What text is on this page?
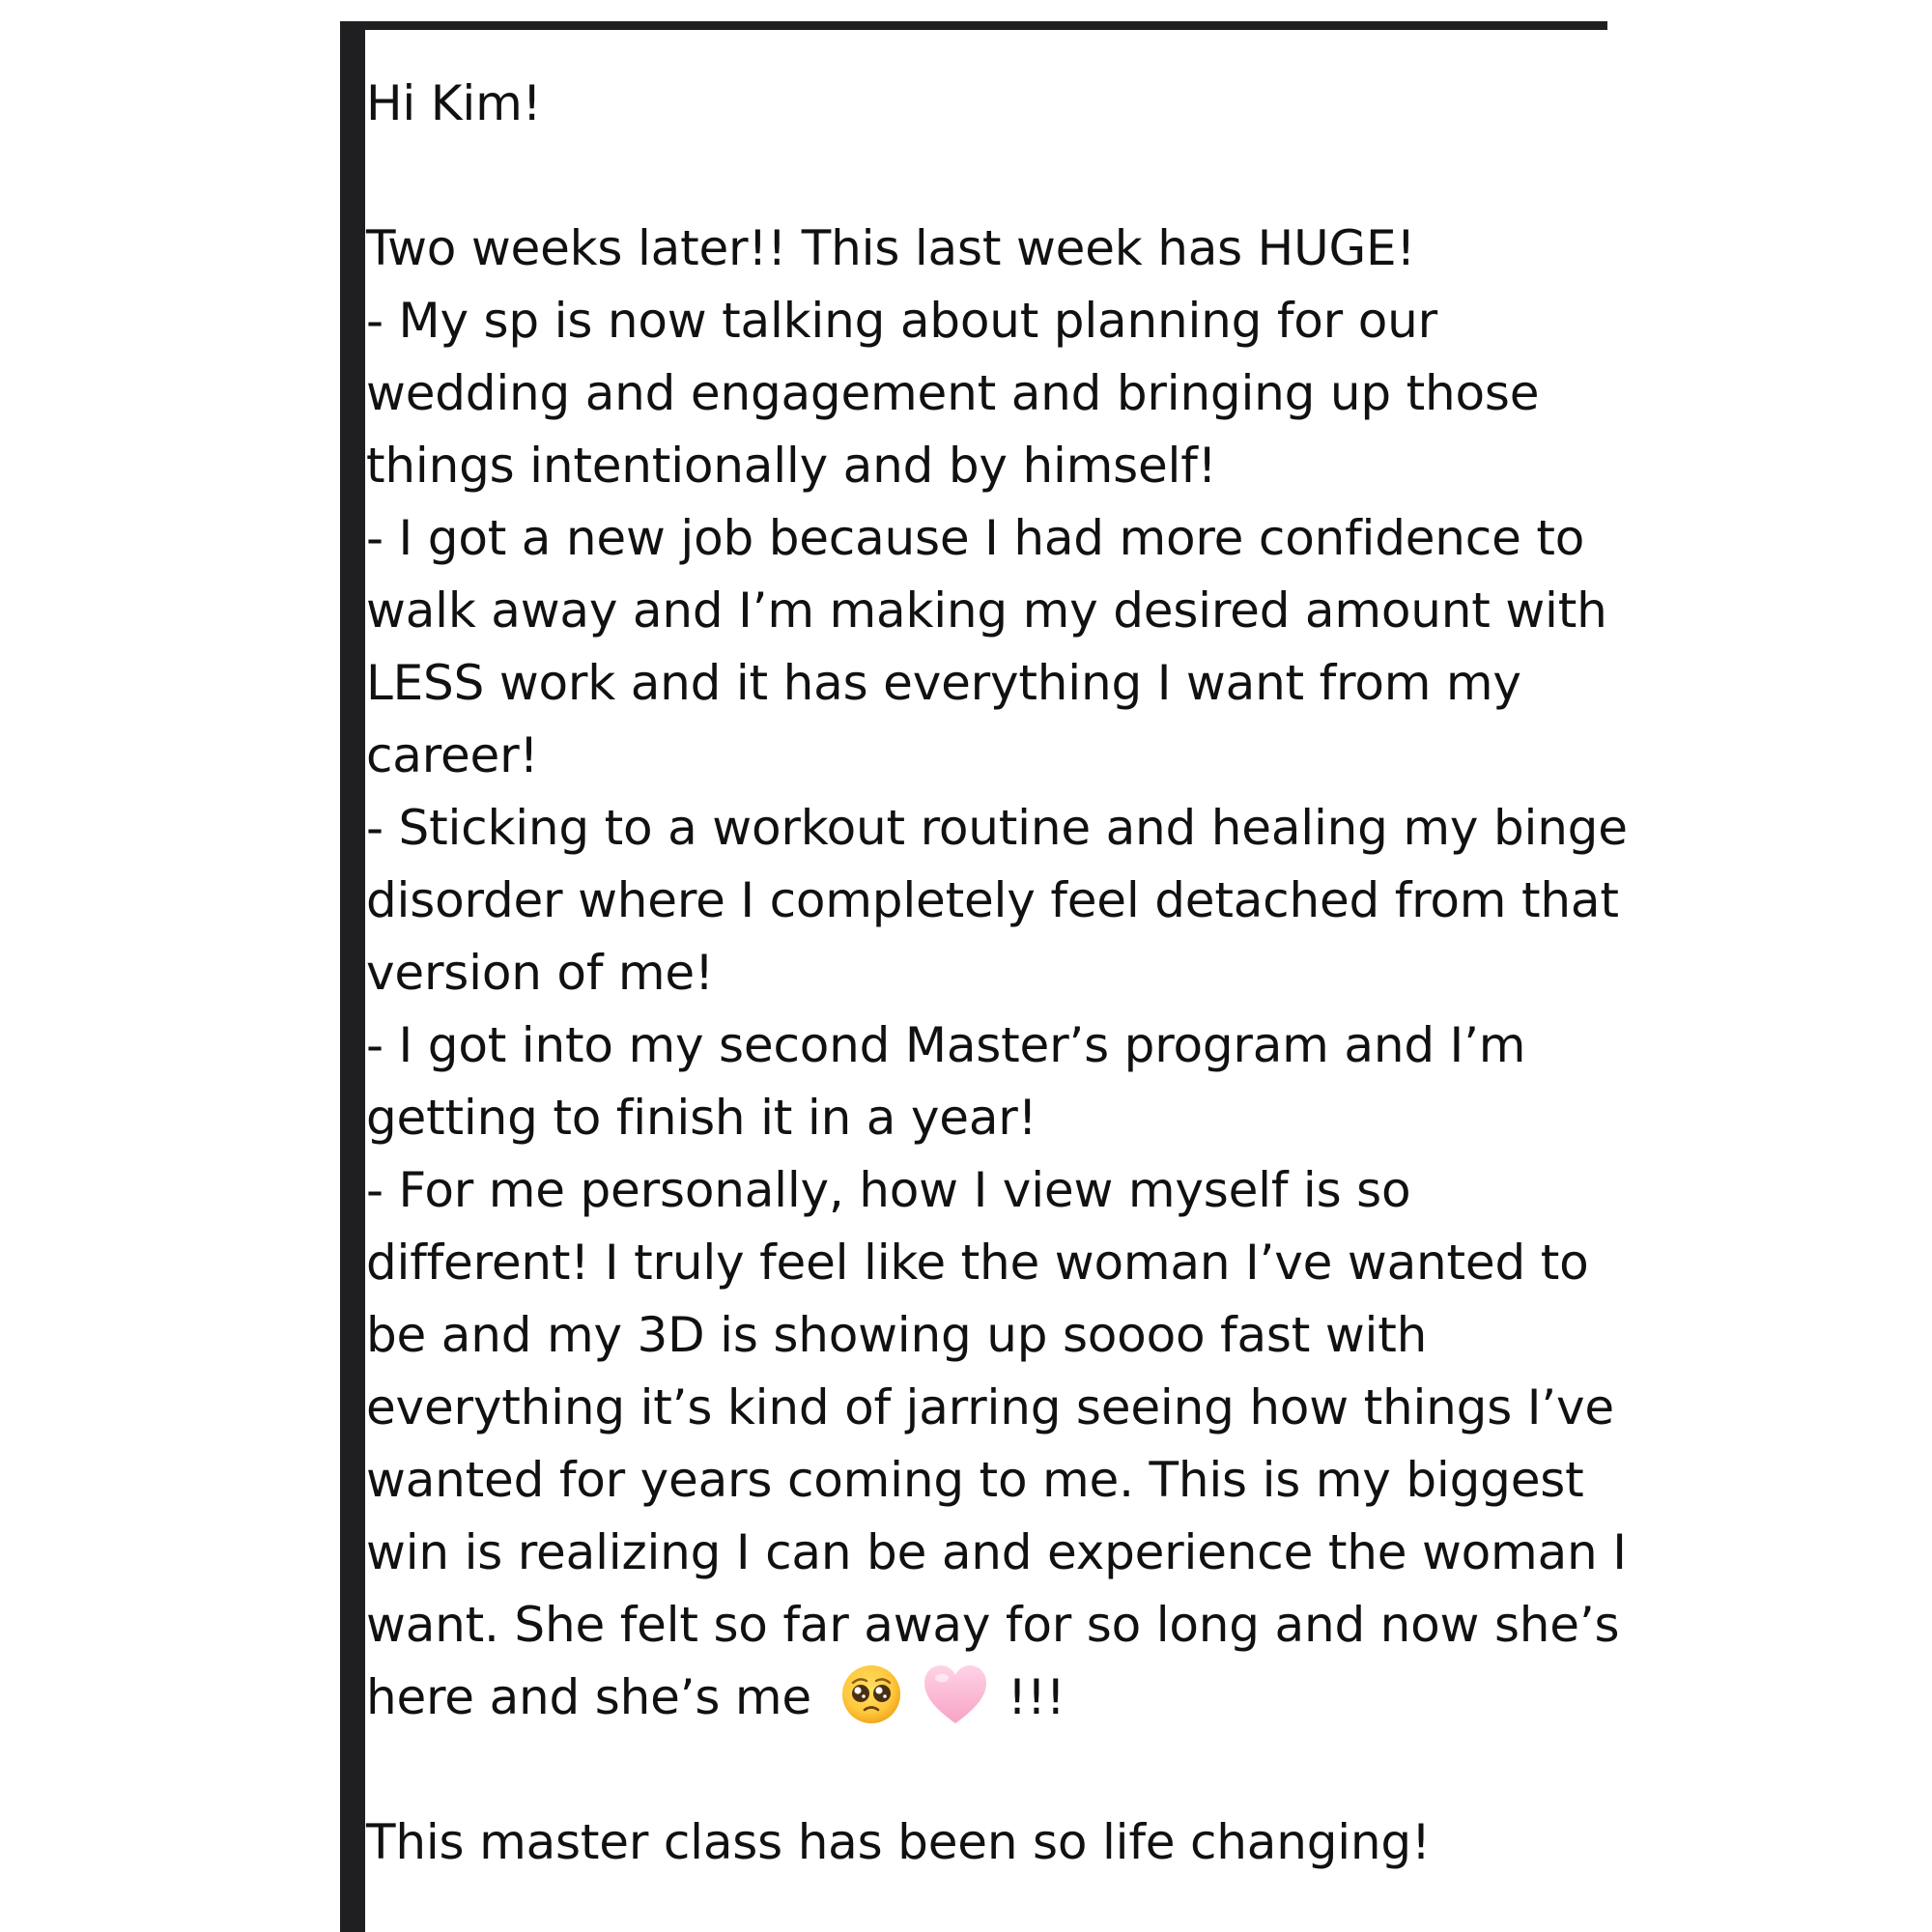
Hi Kim!
Two weeks later!! This last week has HUGE!
- My sp is now talking about planning for our
wedding and engagement and bringing up those
things intentionally and by himself!
- I got a new job because I had more confidence to
walk away and I’m making my desired amount with
LESS work and it has everything I want from my
career!
- Sticking to a workout routine and healing my binge
disorder where I completely feel detached from that
version of me!
- I got into my second Master’s program and I’m
getting to finish it in a year!
- For me personally, how I view myself is so
different! I truly feel like the woman I’ve wanted to
be and my 3D is showing up soooo fast with
everything it’s kind of jarring seeing how things I’ve
wanted for years coming to me. This is my biggest
win is realizing I can be and experience the woman I
want. She felt so far away for so long and now she’s
here and she’s me	!!!
This master class has been so life changing!
